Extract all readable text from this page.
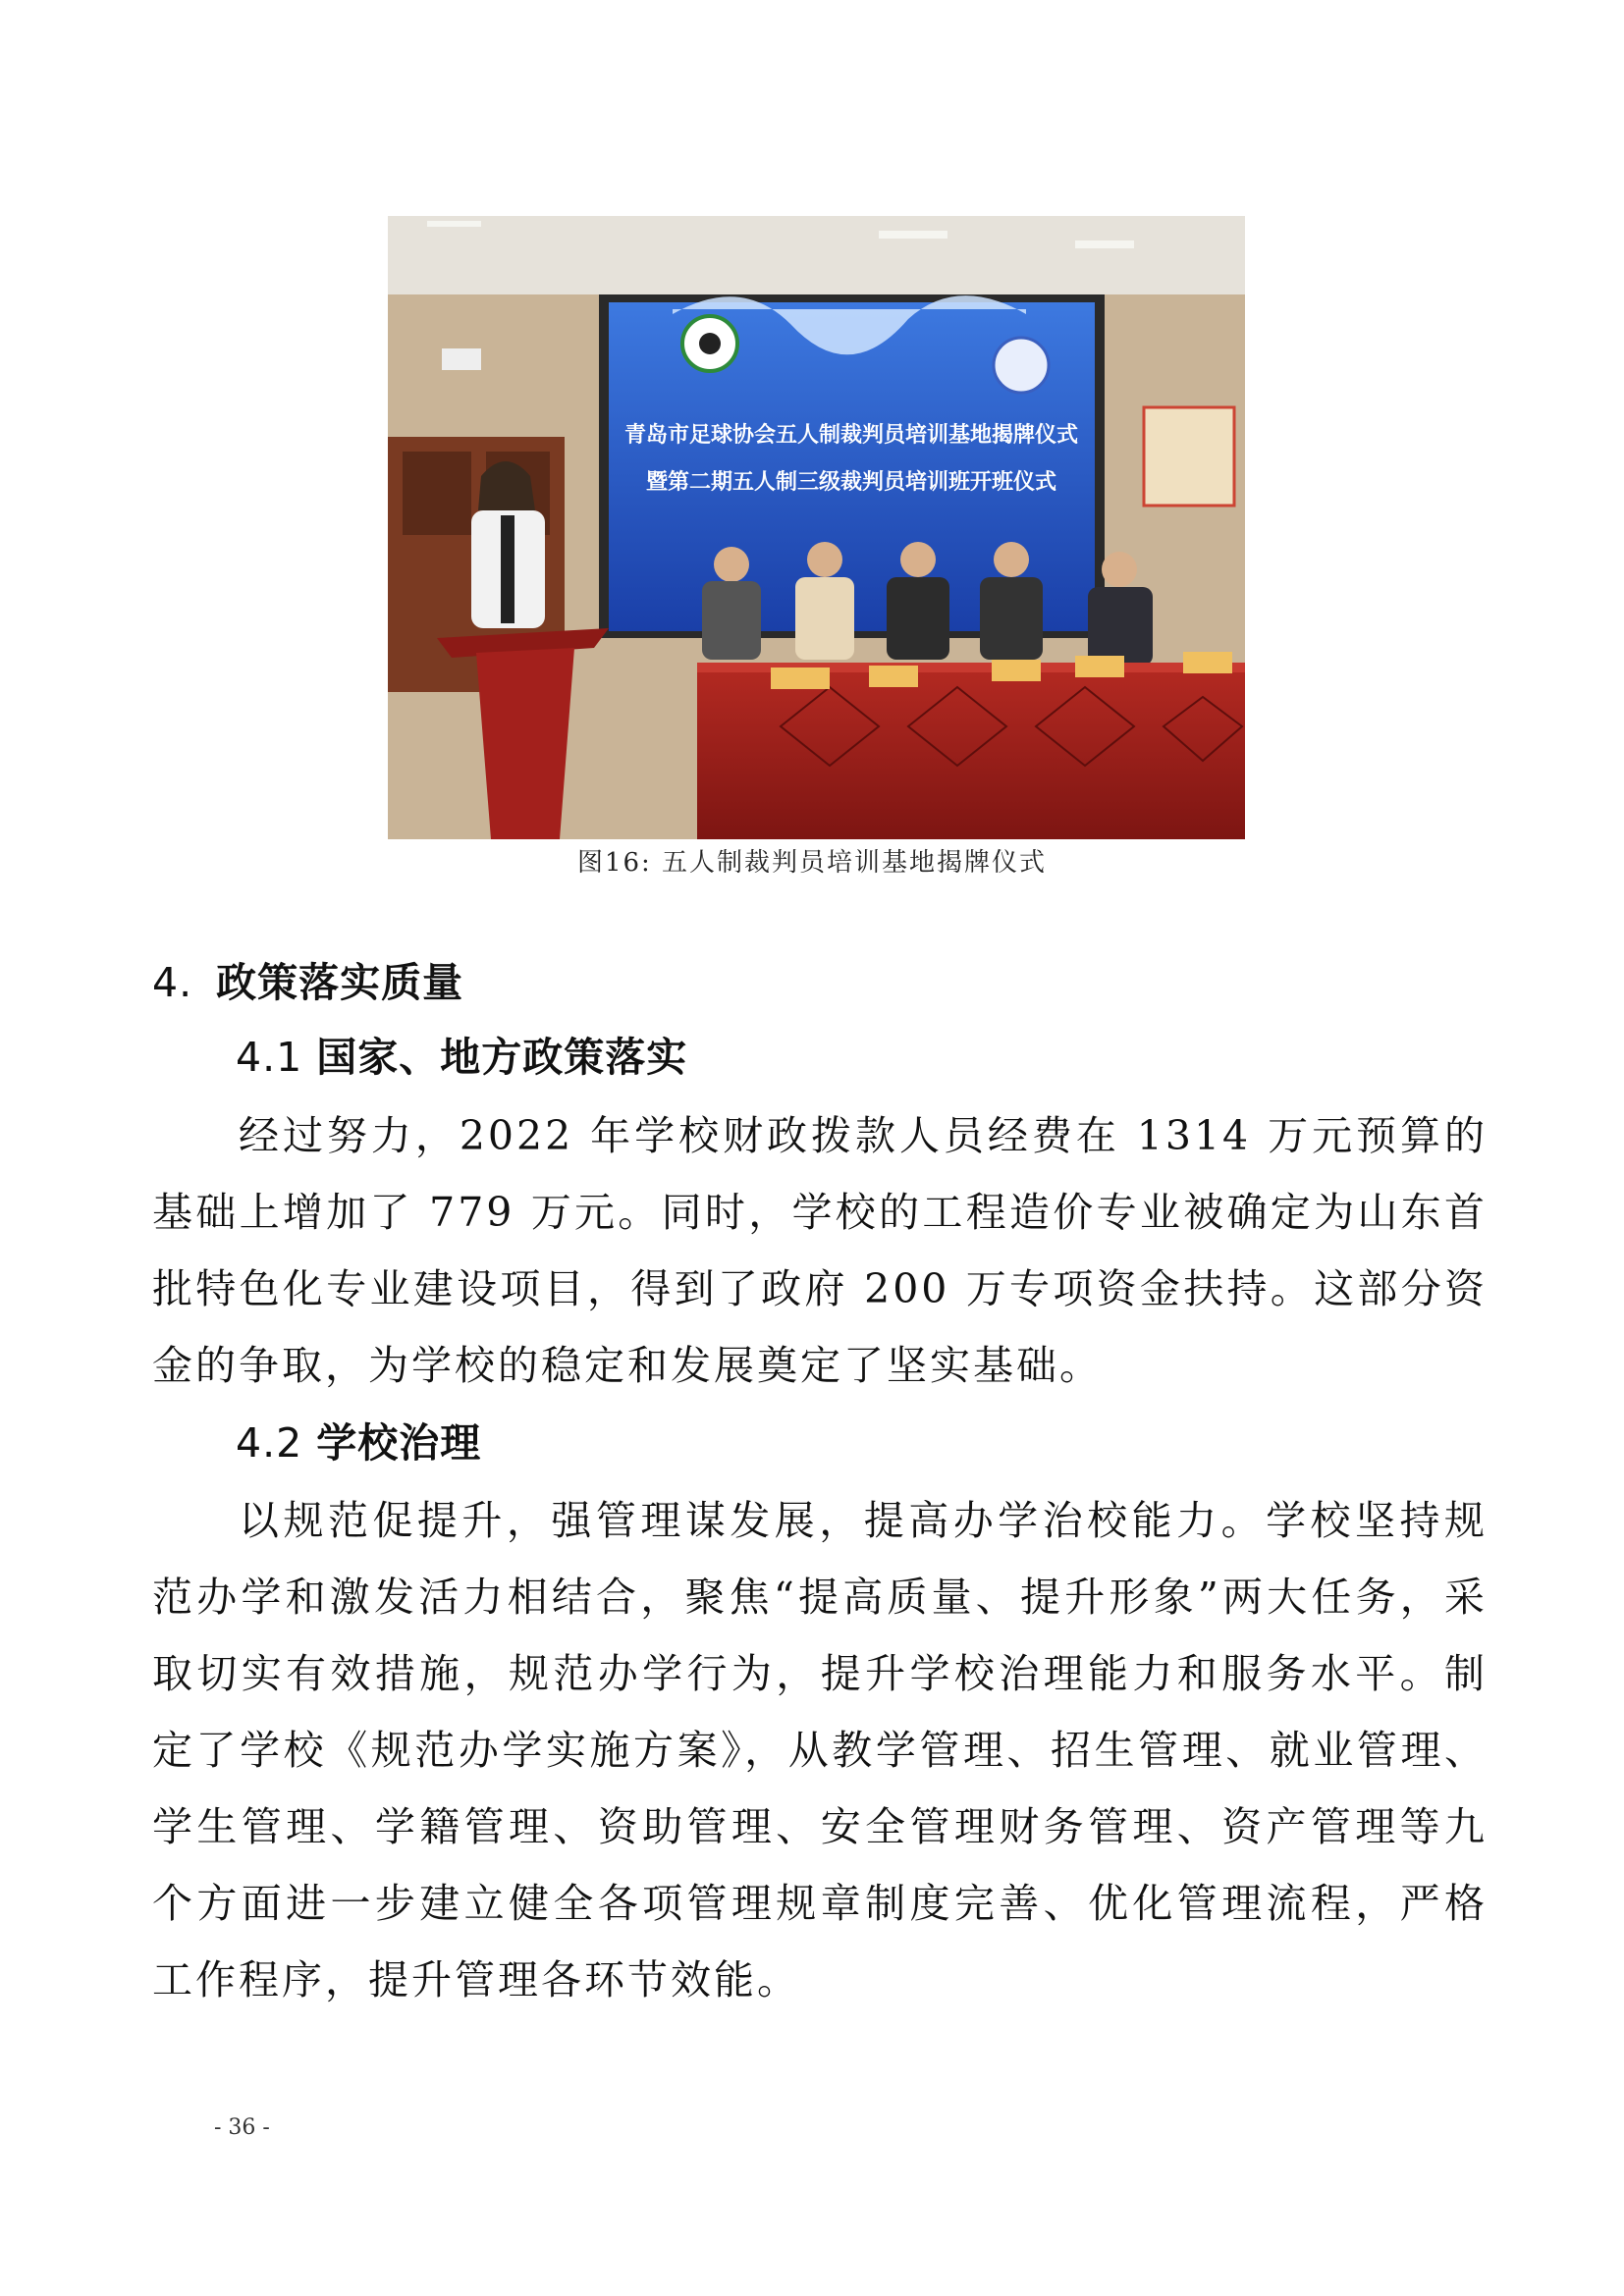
青岛市足球协会五人制裁判员培训基地揭牌仪式
暨第二期五人制三级裁判员培训班开班仪式
图16: 五人制裁判员培训基地揭牌仪式
4. 政策落实质量
4.1 国家、地方政策落实

经过努力，2022 年学校财政拨款人员经费在 1314 万元预算的基础上增加了 779 万元。同时，学校的工程造价专业被确定为山东首批特色化专业建设项目，得到了政府 200 万专项资金扶持。这部分资金的争取，为学校的稳定和发展奠定了坚实基础。

4.2 学校治理

以规范促提升，强管理谋发展，提高办学治校能力。学校坚持规范办学和激发活力相结合，聚焦“提高质量、提升形象”两大任务，采取切实有效措施，规范办学行为，提升学校治理能力和服务水平。制定了学校《规范办学实施方案》，从教学管理、招生管理、就业管理、学生管理、学籍管理、资助管理、安全管理财务管理、资产管理等九个方面进一步建立健全各项管理规章制度完善、优化管理流程，严格工作程序，提升管理各环节效能。

- 36 -
